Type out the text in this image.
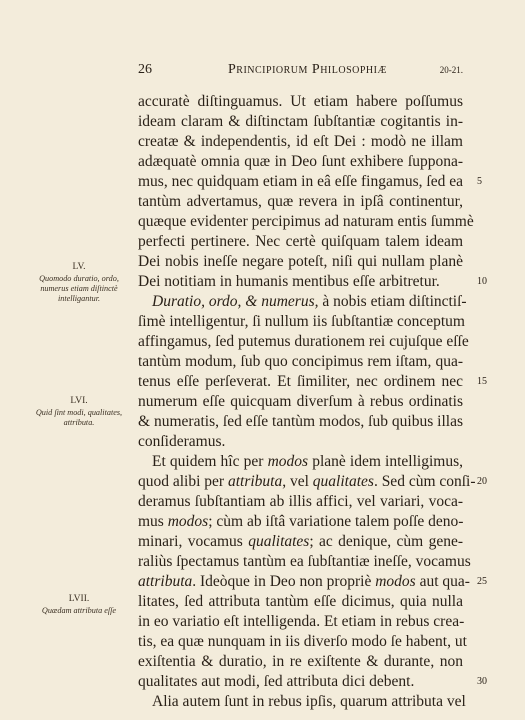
26	Principiorum Philosophiæ	20-21.
accuratè diſtinguamus. Ut etiam habere poſſumus
ideam claram & diſtinctam ſubſtantiæ cogitantis in-
creatæ & independentis, id eſt Dei : modò ne illam
adæquatè omnia quæ in Deo ſunt exhibere ſuppona-
mus, nec quidquam etiam in eâ eſſe fingamus, ſed ea
tantùm advertamus, quæ revera in ipſâ continentur,
quæque evidenter percipimus ad naturam entis ſummè
perfecti pertinere. Nec certè quiſquam talem ideam
Dei nobis ineſſe negare poteſt, niſi qui nullam planè
Dei notitiam in humanis mentibus eſſe arbitretur.
Duratio, ordo, & numerus, à nobis etiam diſtinctiſ-
ſimè intelligentur, ſi nullum iis ſubſtantiæ conceptum
affingamus, ſed putemus durationem rei cujuſque eſſe
tantùm modum, ſub quo concipimus rem iſtam, qua-
tenus eſſe perſeverat. Et ſimiliter, nec ordinem nec
numerum eſſe quicquam diverſum à rebus ordinatis
& numeratis, ſed eſſe tantùm modos, ſub quibus illas
conſideramus.
Et quidem hîc per modos planè idem intelligimus,
quod alibi per attributa, vel qualitates. Sed cùm conſi-
deramus ſubſtantiam ab illis affici, vel variari, voca-
mus modos; cùm ab iſtâ variatione talem poſſe deno-
minari, vocamus qualitates; ac denique, cùm gene-
raliùs ſpectamus tantùm ea ſubſtantiæ ineſſe, vocamus
attributa. Ideòque in Deo non propriè modos aut qua-
litates, ſed attributa tantùm eſſe dicimus, quia nulla
in eo variatio eſt intelligenda. Et etiam in rebus crea-
tis, ea quæ nunquam in iis diverſo modo ſe habent, ut
exiſtentia & duratio, in re exiſtente & durante, non
qualitates aut modi, ſed attributa dici debent.
Alia autem ſunt in rebus ipſis, quarum attributa vel
5
10
15
20
25
30
LV.
Quomodo duratio, ordo, numerus etiam diſtinctè intelligantur.
LVI.
Quid ſint modi, qualitates, attributa.
LVII.
Quædam attributa eſſe
